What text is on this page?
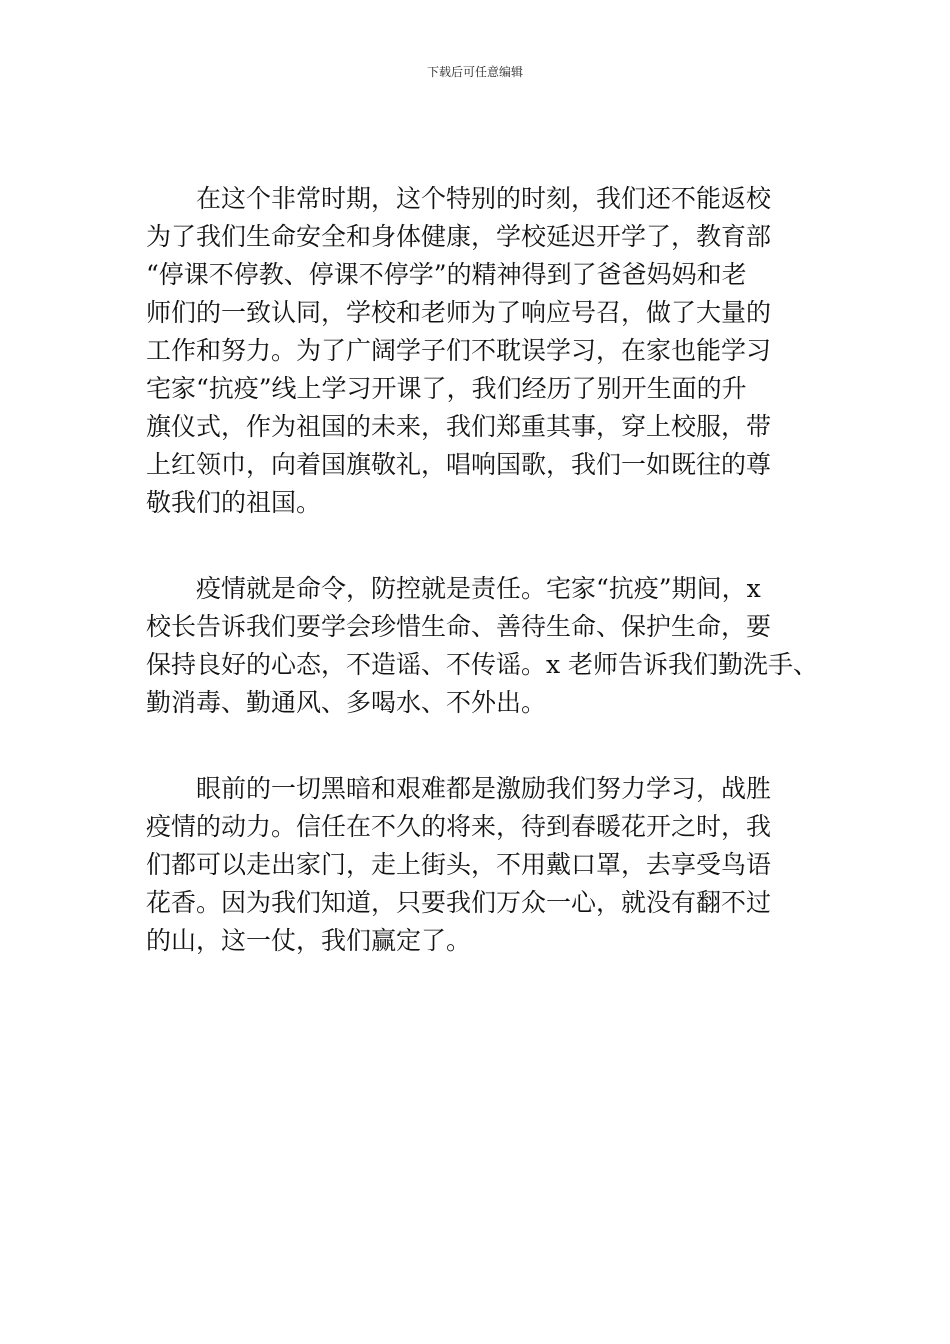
下载后可任意编辑

在这个非常时期，这个特别的时刻，我们还不能返校
为了我们生命安全和身体健康，学校延迟开学了，教育部
“停课不停教、停课不停学”的精神得到了爸爸妈妈和老
师们的一致认同，学校和老师为了响应号召，做了大量的
工作和努力。为了广阔学子们不耽误学习，在家也能学习
宅家“抗疫”线上学习开课了，我们经历了别开生面的升
旗仪式，作为祖国的未来，我们郑重其事，穿上校服，带
上红领巾，向着国旗敬礼，唱响国歌，我们一如既往的尊
敬我们的祖国。

疫情就是命令，防控就是责任。宅家“抗疫”期间，x
校长告诉我们要学会珍惜生命、善待生命、保护生命，要
保持良好的心态，不造谣、不传谣。x 老师告诉我们勤洗手、
勤消毒、勤通风、多喝水、不外出。

眼前的一切黑暗和艰难都是激励我们努力学习，战胜
疫情的动力。信任在不久的将来，待到春暖花开之时，我
们都可以走出家门，走上街头，不用戴口罩，去享受鸟语
花香。因为我们知道，只要我们万众一心，就没有翻不过
的山，这一仗，我们赢定了。
